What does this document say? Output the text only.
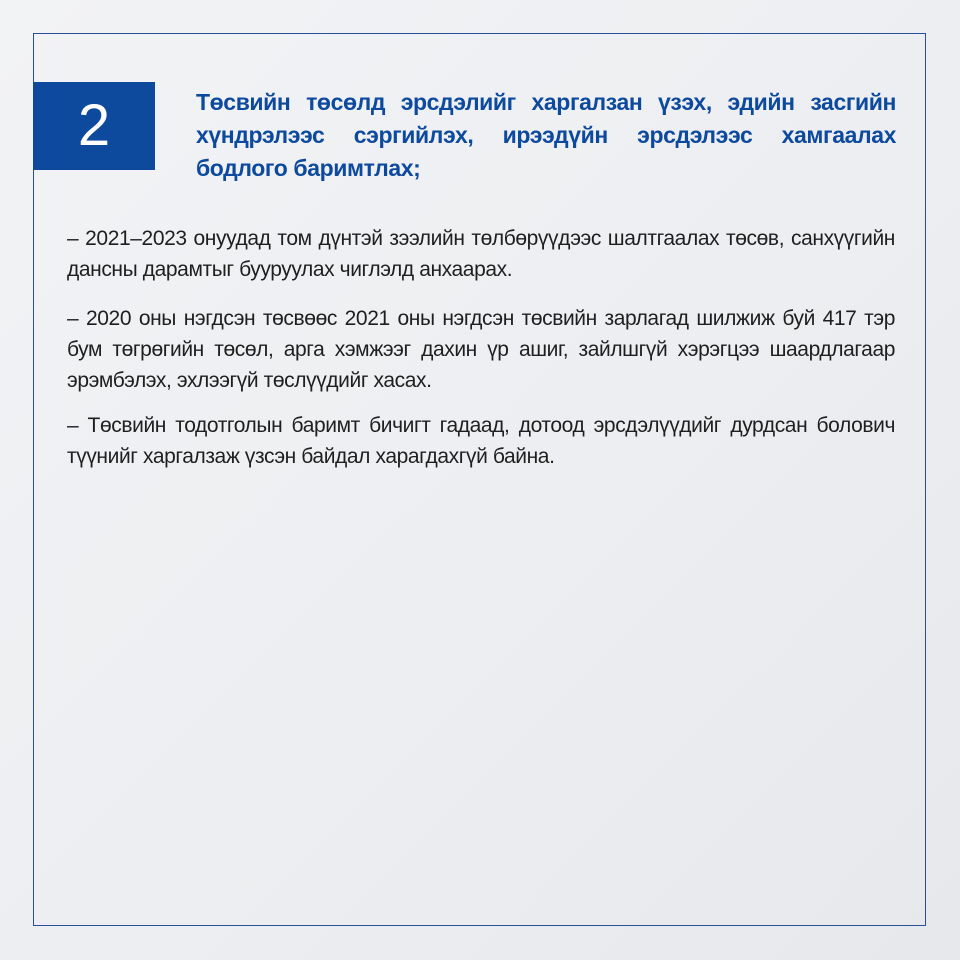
2	Төсвийн төсөлд эрсдэлийг харгалзан үзэх, эдийн засгийн хүндрэлээс сэргийлэх, ирээдүйн эрсдэлээс хамгаалах бодлого баримтлах;
– 2021–2023 онуудад том дүнтэй зээлийн төлбөрүүдээс шалтгаалах төсөв, санхүүгийн дансны дарамтыг бууруулах чиглэлд анхаарах.
– 2020 оны нэгдсэн төсвөөс 2021 оны нэгдсэн төсвийн зарлагад шилжиж буй 417 тэр бум төгрөгийн төсөл, арга хэмжээг дахин үр ашиг, зайлшгүй хэрэгцээ шаардлагаар эрэмбэлэх, эхлээгүй төслүүдийг хасах.
– Төсвийн тодотголын баримт бичигт гадаад, дотоод эрсдэлүүдийг дурдсан болович түүнийг харгалзаж үзсэн байдал харагдахгүй байна.
